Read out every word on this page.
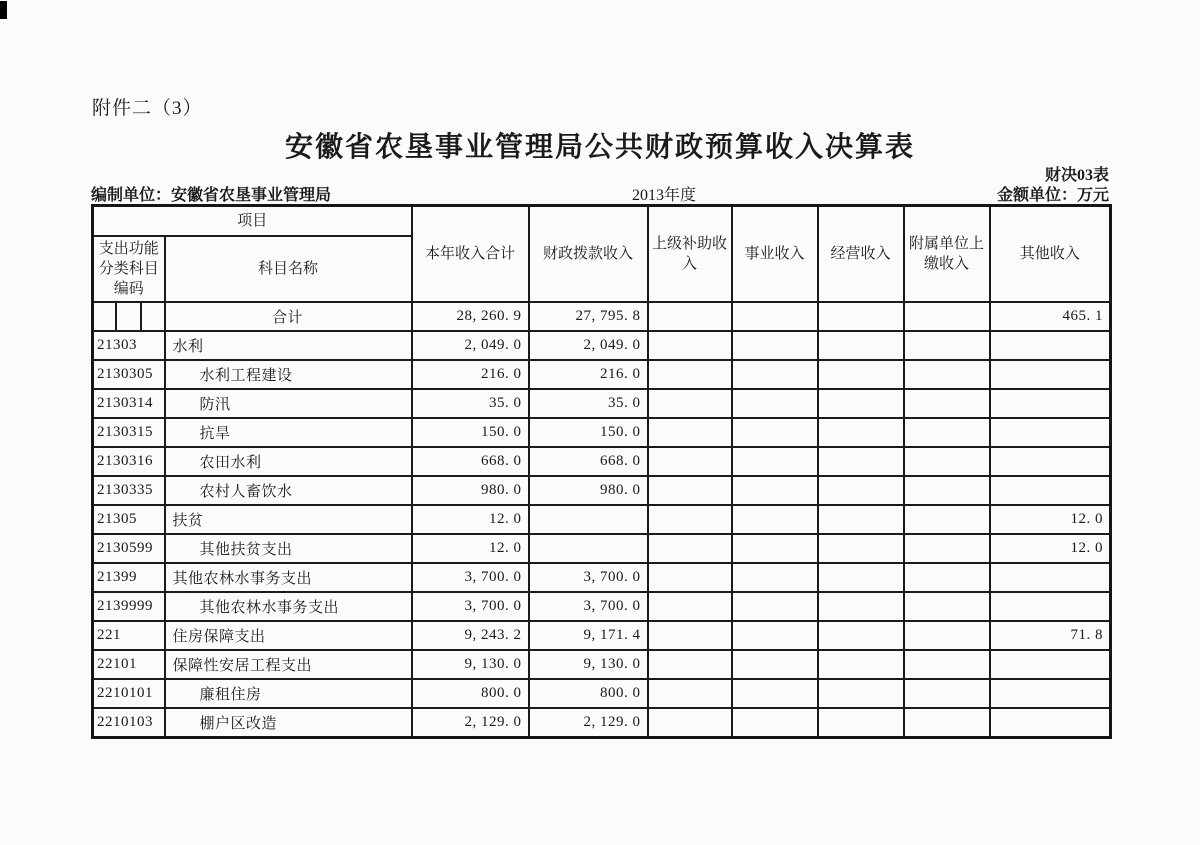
附件二（3）
安徽省农垦事业管理局公共财政预算收入决算表
财决03表
编制单位：安徽省农垦事业管理局	2013年度	金额单位：万元
项目				本年收入合计	财政拨款收入	上级补助收入	事业收入	经营收入	附属单位上缴收入	其他收入
支出功能分类科目编码			科目名称							
			合计	28, 260. 9	27, 795. 8					465. 1
21303			水利	2, 049. 0	2, 049. 0					
2130305			水利工程建设	216. 0	216. 0					
2130314			防汛	35. 0	35. 0					
2130315			抗旱	150. 0	150. 0					
2130316			农田水利	668. 0	668. 0					
2130335			农村人畜饮水	980. 0	980. 0					
21305			扶贫	12. 0						12. 0
2130599			其他扶贫支出	12. 0						12. 0
21399			其他农林水事务支出	3, 700. 0	3, 700. 0					
2139999			其他农林水事务支出	3, 700. 0	3, 700. 0					
221			住房保障支出	9, 243. 2	9, 171. 4					71. 8
22101			保障性安居工程支出	9, 130. 0	9, 130. 0					
2210101			廉租住房	800. 0	800. 0					
2210103			棚户区改造	2, 129. 0	2, 129. 0					
